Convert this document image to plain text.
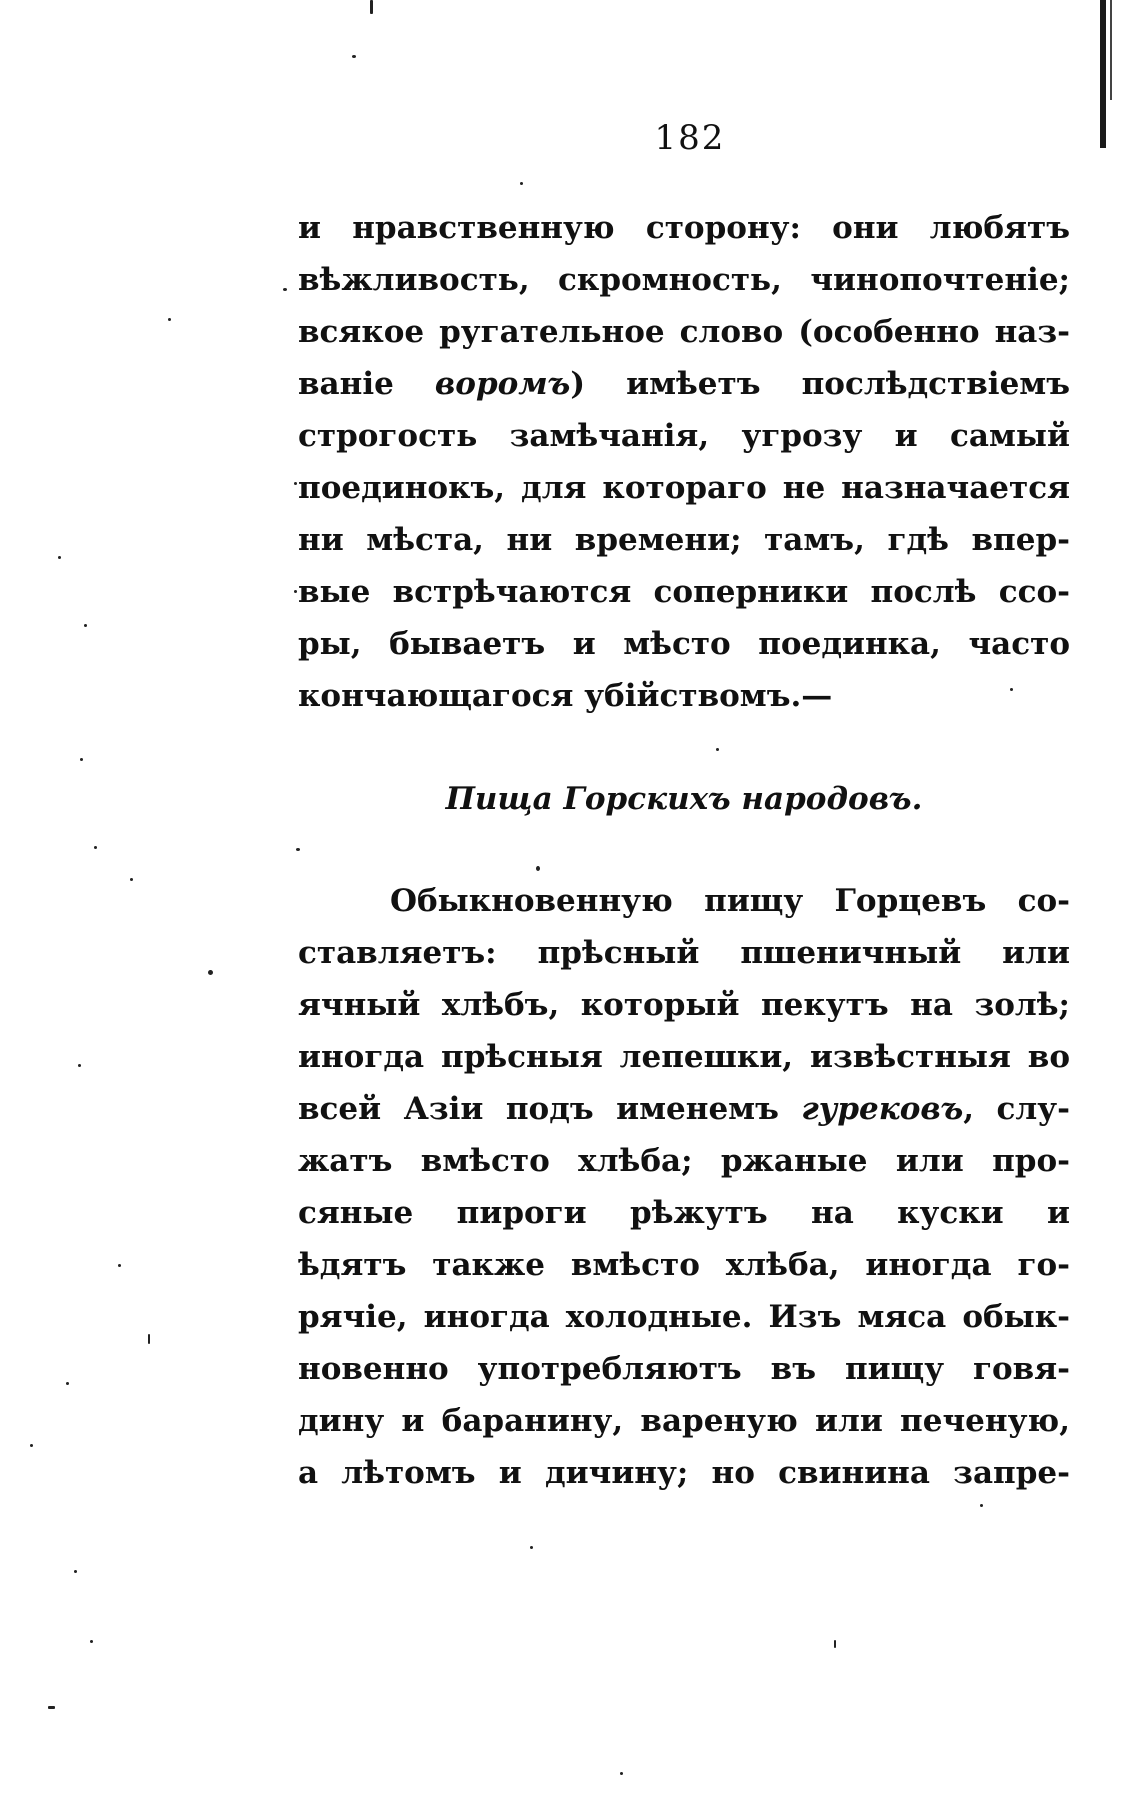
182
и нравственную сторону: они любятъ
вѣжливость, скромность, чинопочтеніе;
всякое ругательное слово (особенно наз-
ваніе воромъ) имѣетъ послѣдствіемъ
строгость замѣчанія, угрозу и самый
поединокъ, для котораго не назначается
ни мѣста, ни времени; тамъ, гдѣ впер-
вые встрѣчаются соперники послѣ ссо-
ры, бываетъ и мѣсто поединка, часто
кончающагося убійствомъ.—
Пища Горскихъ народовъ.
Обыкновенную пищу Горцевъ со-
ставляетъ: прѣсный пшеничный или
ячный хлѣбъ, который пекутъ на золѣ;
иногда прѣсныя лепешки, извѣстныя во
всей Азіи подъ именемъ гурековъ, слу-
жатъ вмѣсто хлѣба; ржаные или про-
сяные пироги рѣжутъ на куски и
ѣдятъ также вмѣсто хлѣба, иногда го-
рячіе, иногда холодные. Изъ мяса обык-
новенно употребляютъ въ пищу говя-
дину и баранину, вареную или печеную,
а лѣтомъ и дичину; но свинина запре-
